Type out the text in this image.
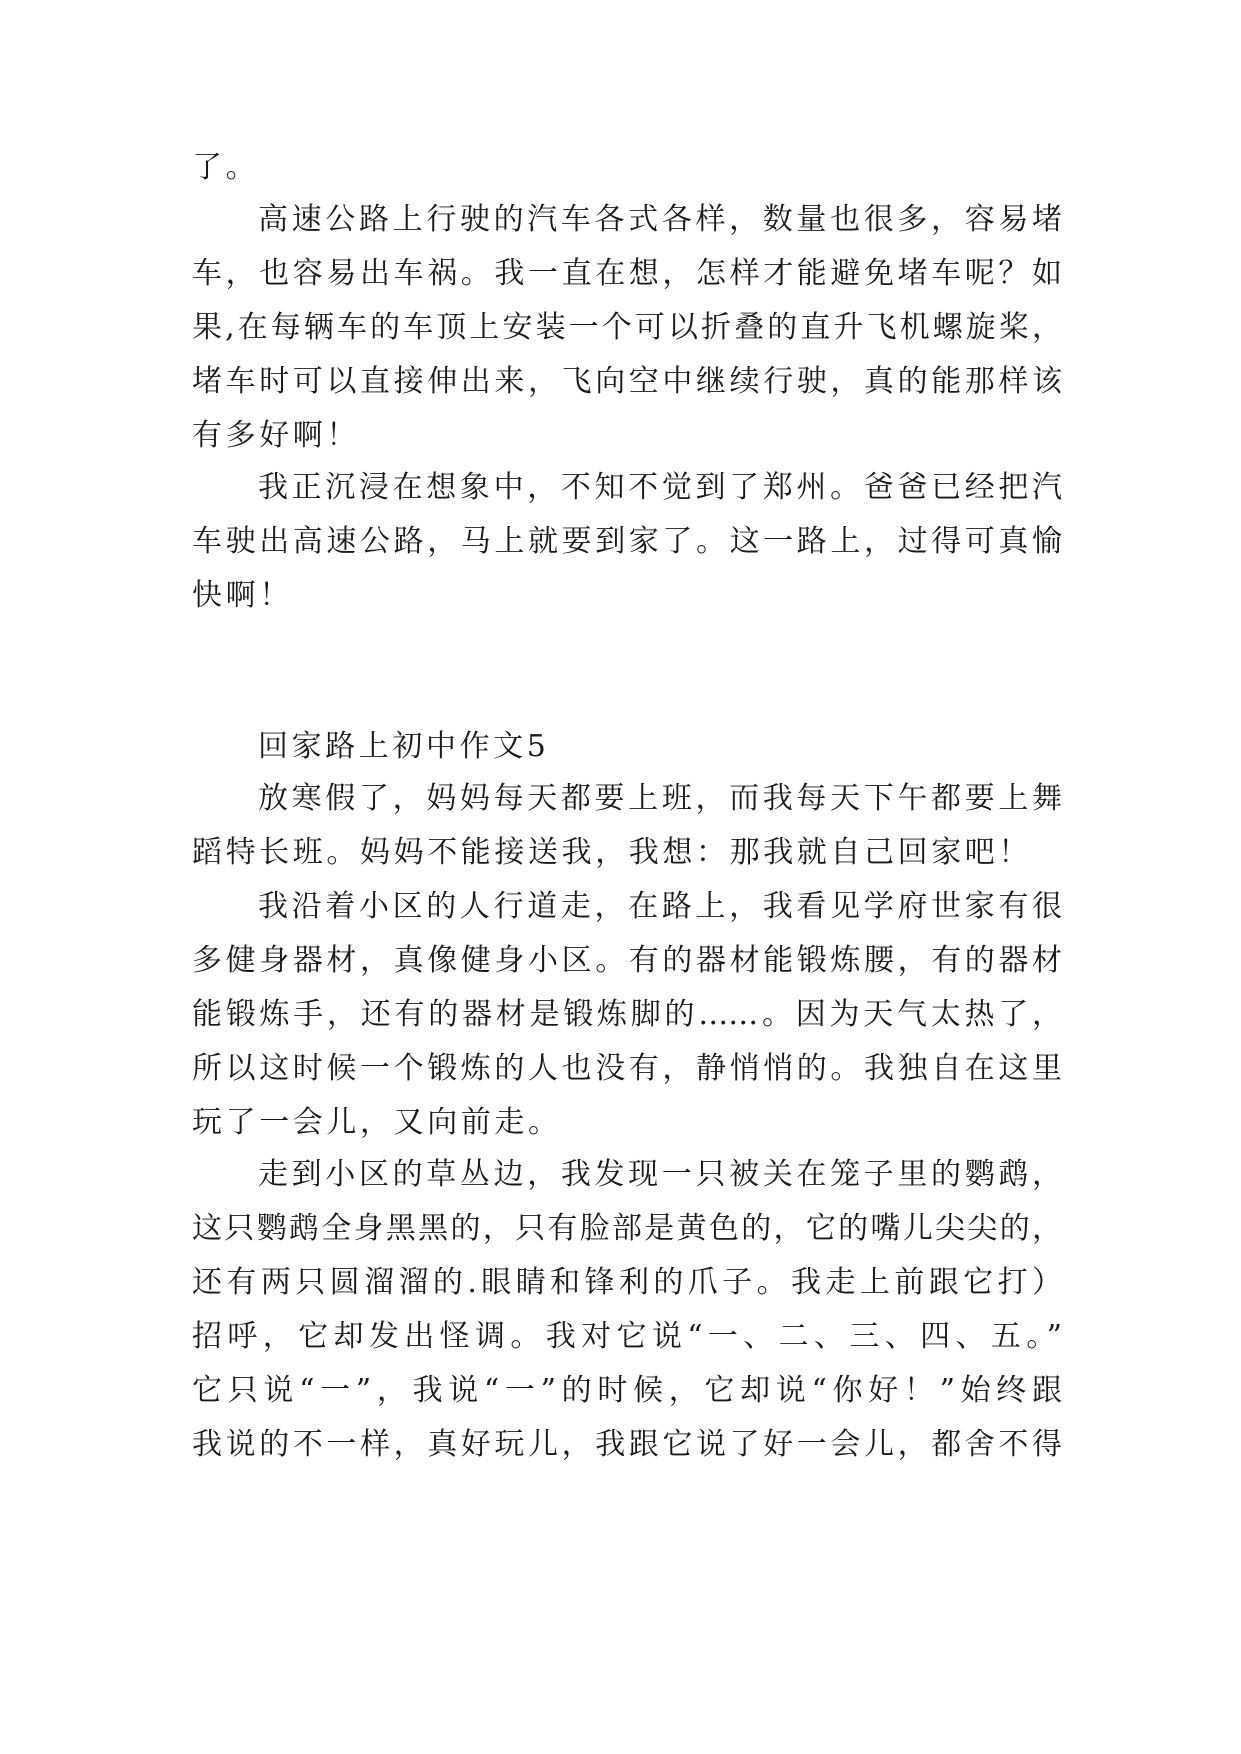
了。
高速公路上行驶的汽车各式各样，数量也很多，容易堵
车，也容易出车祸。我一直在想，怎样才能避免堵车呢？如
果,在每辆车的车顶上安装一个可以折叠的直升飞机螺旋桨，
堵车时可以直接伸出来，飞向空中继续行驶，真的能那样该
有多好啊！
我正沉浸在想象中，不知不觉到了郑州。爸爸已经把汽
车驶出高速公路，马上就要到家了。这一路上，过得可真愉
快啊！
回家路上初中作文5
放寒假了，妈妈每天都要上班，而我每天下午都要上舞
蹈特长班。妈妈不能接送我，我想：那我就自己回家吧！
我沿着小区的人行道走，在路上，我看见学府世家有很
多健身器材，真像健身小区。有的器材能锻炼腰，有的器材
能锻炼手，还有的器材是锻炼脚的……。因为天气太热了，
所以这时候一个锻炼的人也没有，静悄悄的。我独自在这里
玩了一会儿，又向前走。
走到小区的草丛边，我发现一只被关在笼子里的鹦鹉，
这只鹦鹉全身黑黑的，只有脸部是黄色的，它的嘴儿尖尖的，
还有两只圆溜溜的.眼睛和锋利的爪子。我走上前跟它打）
招呼，它却发出怪调。我对它说“一、二、三、四、五。”
它只说“一”，我说“一”的时候，它却说“你好！”始终跟
我说的不一样，真好玩儿，我跟它说了好一会儿，都舍不得
